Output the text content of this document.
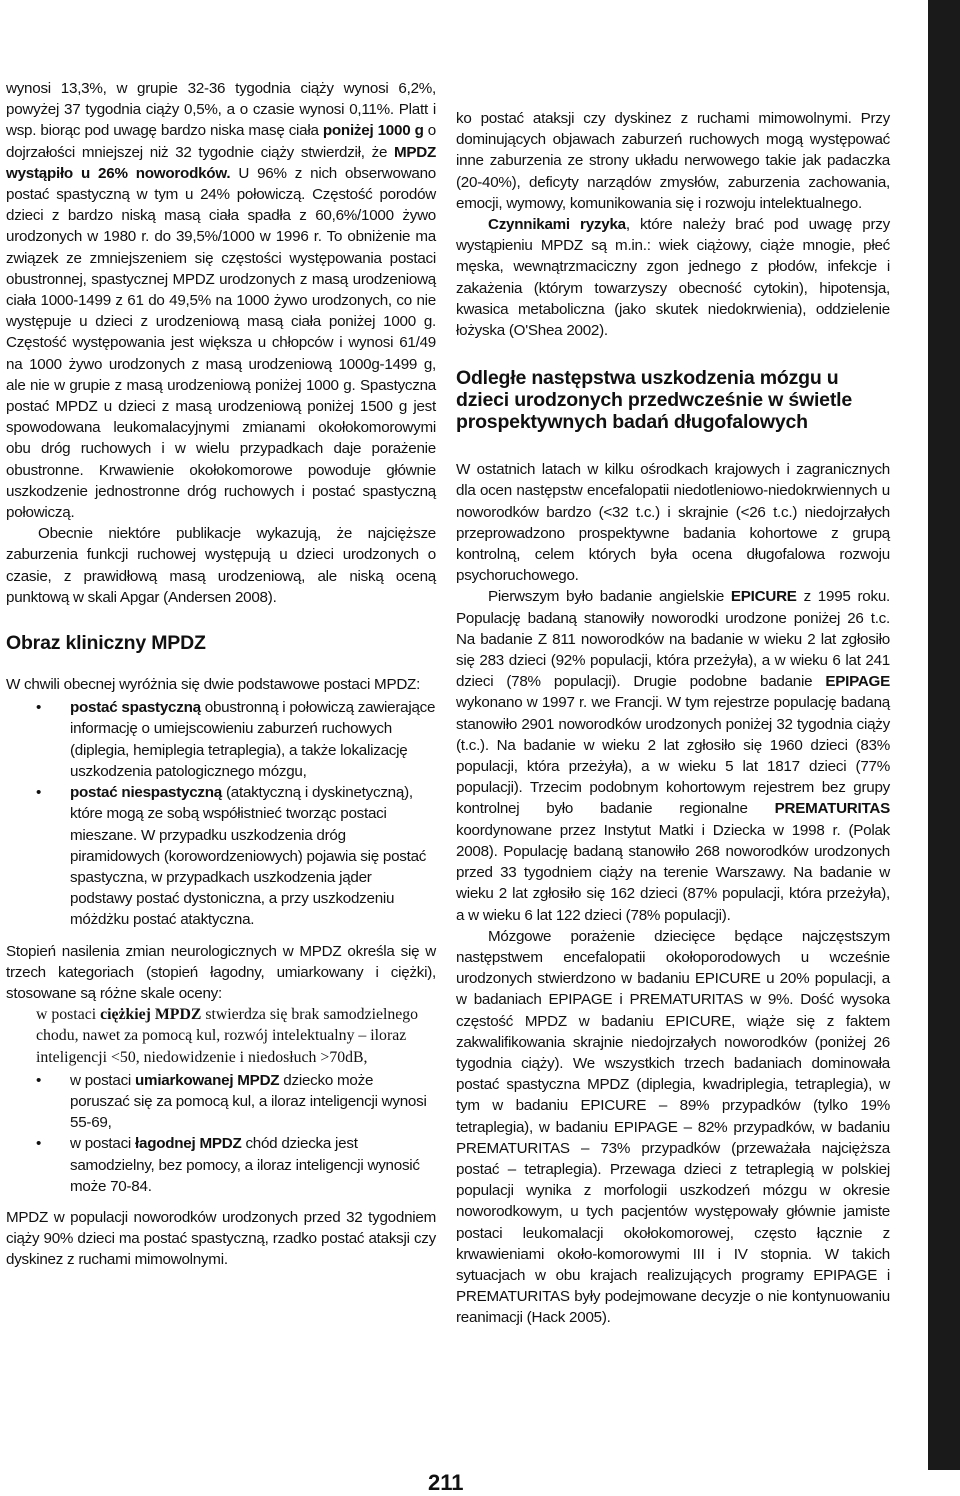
wynosi 13,3%, w grupie 32-36 tygodnia ciąży wynosi 6,2%, powyżej 37 tygodnia ciąży 0,5%, a o czasie wynosi 0,11%. Platt i wsp. biorąc pod uwagę bardzo niska masę ciała poniżej 1000 g o dojrzałości mniejszej niż 32 tygodnie ciąży stwierdził, że MPDZ wystąpiło u 26% noworodków. U 96% z nich obserwowano postać spastyczną w tym u 24% połowiczą. Częstość porodów dzieci z bardzo niską masą ciała spadła z 60,6%/1000 żywo urodzonych w 1980 r. do 39,5%/1000 w 1996 r. To obniżenie ma związek ze zmniejszeniem się częstości występowania postaci obustronnej, spastycznej MPDZ urodzonych z masą urodzeniową ciała 1000-1499 z 61 do 49,5% na 1000 żywo urodzonych, co nie występuje u dzieci z urodzeniową masą ciała poniżej 1000 g. Częstość występowania jest większa u chłopców i wynosi 61/49 na 1000 żywo urodzonych z masą urodzeniową 1000g-1499 g, ale nie w grupie z masą urodzeniową poniżej 1000 g. Spastyczna postać MPDZ u dzieci z masą urodzeniową poniżej 1500 g jest spowodowana leukomalacyjnymi zmianami okołokomorowymi obu dróg ruchowych i w wielu przypadkach daje porażenie obustronne. Krwawienie okołokomorowe powoduje głównie uszkodzenie jednostronne dróg ruchowych i postać spastyczną połowiczą.

Obecnie niektóre publikacje wykazują, że najcięższe zaburzenia funkcji ruchowej występują u dzieci urodzonych o czasie, z prawidłową masą urodzeniową, ale niską oceną punktową w skali Apgar (Andersen 2008).

Obraz kliniczny MPDZ

W chwili obecnej wyróżnia się dwie podstawowe postaci MPDZ:

• postać spastyczną obustronną i połowiczą zawierające informację o umiejscowieniu zaburzeń ruchowych (diplegia, hemiplegia tetraplegia), a także lokalizację uszkodzenia patologicznego mózgu,
• postać niespastyczną (ataktyczną i dyskinetyczną), które mogą ze sobą współistnieć tworząc postaci mieszane. W przypadku uszkodzenia dróg piramidowych (korowordzeniowych) pojawia się postać spastyczna, w przypadkach uszkodzenia jąder podstawy postać dystoniczna, a przy uszkodzeniu móżdżku postać ataktyczna.

Stopień nasilenia zmian neurologicznych w MPDZ określa się w trzech kategoriach (stopień łagodny, umiarkowany i ciężki), stosowane są różne skale oceny:

w postaci ciężkiej MPDZ stwierdza się brak samodzielnego chodu, nawet za pomocą kul, rozwój intelektualny – iloraz inteligencji <50, niedowidzenie i niedosłuch >70dB,

• w postaci umiarkowanej MPDZ dziecko może poruszać się za pomocą kul, a iloraz inteligencji wynosi 55-69,
• w postaci łagodnej MPDZ chód dziecka jest samodzielny, bez pomocy, a iloraz inteligencji wynosić może 70-84.

MPDZ w populacji noworodków urodzonych przed 32 tygodniem ciąży 90% dzieci ma postać spastyczną, rzadko postać ataksji czy dyskinez z ruchami mimowolnymi.

ko postać ataksji czy dyskinez z ruchami mimowolnymi. Przy dominujących objawach zaburzeń ruchowych mogą występować inne zaburzenia ze strony układu nerwowego takie jak padaczka (20-40%), deficyty narządów zmysłów, zaburzenia zachowania, emocji, wymowy, komunikowania się i rozwoju intelektualnego.

Czynnikami ryzyka, które należy brać pod uwagę przy wystąpieniu MPDZ są m.in.: wiek ciążowy, ciąże mnogie, płeć męska, wewnątrzmaciczny zgon jednego z płodów, infekcje i zakażenia (którym towarzyszy obecność cytokin), hipotensja, kwasica metaboliczna (jako skutek niedokrwienia), oddzielenie łożyska (O'Shea 2002).

Odległe następstwa uszkodzenia mózgu u dzieci urodzonych przedwcześnie w świetle prospektywnych badań długofalowych

W ostatnich latach w kilku ośrodkach krajowych i zagranicznych dla ocen następstw encefalopatii niedotleniowo-niedokrwiennych u noworodków bardzo (<32 t.c.) i skrajnie (<26 t.c.) niedojrzałych przeprowadzono prospektywne badania kohortowe z grupą kontrolną, celem których była ocena długofalowa rozwoju psychoruchowego.

Pierwszym było badanie angielskie EPICURE z 1995 roku. Populację badaną stanowiły noworodki urodzone poniżej 26 t.c. Na badanie Z 811 noworodków na badanie w wieku 2 lat zgłosiło się 283 dzieci (92% populacji, która przeżyła), a w wieku 6 lat 241 dzieci (78% populacji). Drugie podobne badanie EPIPAGE wykonano w 1997 r. we Francji. W tym rejestrze populację badaną stanowiło 2901 noworodków urodzonych poniżej 32 tygodnia ciąży (t.c.). Na badanie w wieku 2 lat zgłosiło się 1960 dzieci (83% populacji, która przeżyła), a w wieku 5 lat 1817 dzieci (77% populacji). Trzecim podobnym kohortowym rejestrem bez grupy kontrolnej było badanie regionalne PREMATURITAS koordynowane przez Instytut Matki i Dziecka w 1998 r. (Polak 2008). Populację badaną stanowiło 268 noworodków urodzonych przed 33 tygodniem ciąży na terenie Warszawy. Na badanie w wieku 2 lat zgłosiło się 162 dzieci (87% populacji, która przeżyła), a w wieku 6 lat 122 dzieci (78% populacji).

Mózgowe porażenie dziecięce będące najczęstszym następstwem encefalopatii okołoporodowych u wcześnie urodzonych stwierdzono w badaniu EPICURE u 20% populacji, a w badaniach EPIPAGE i PREMATURITAS w 9%. Dość wysoka częstość MPDZ w badaniu EPICURE, wiąże się z faktem zakwalifikowania skrajnie niedojrzałych noworodków (poniżej 26 tygodnia ciąży). We wszystkich trzech badaniach dominowała postać spastyczna MPDZ (diplegia, kwadriplegia, tetraplegia), w tym w badaniu EPICURE – 89% przypadków (tylko 19% tetraplegia), w badaniu EPIPAGE – 82% przypadków, w badaniu PREMATURITAS – 73% przypadków (przeważała najcięższa postać – tetraplegia). Przewaga dzieci z tetraplegią w polskiej populacji wynika z morfologii uszkodzeń mózgu w okresie noworodkowym, u tych pacjentów występowały głównie jamiste postaci leukomalacji okołokomorowej, często łącznie z krwawieniami około-komorowymi III i IV stopnia. W takich sytuacjach w obu krajach realizujących programy EPIPAGE i PREMATURITAS były podejmowane decyzje o nie kontynuowaniu reanimacji (Hack 2005).

211
